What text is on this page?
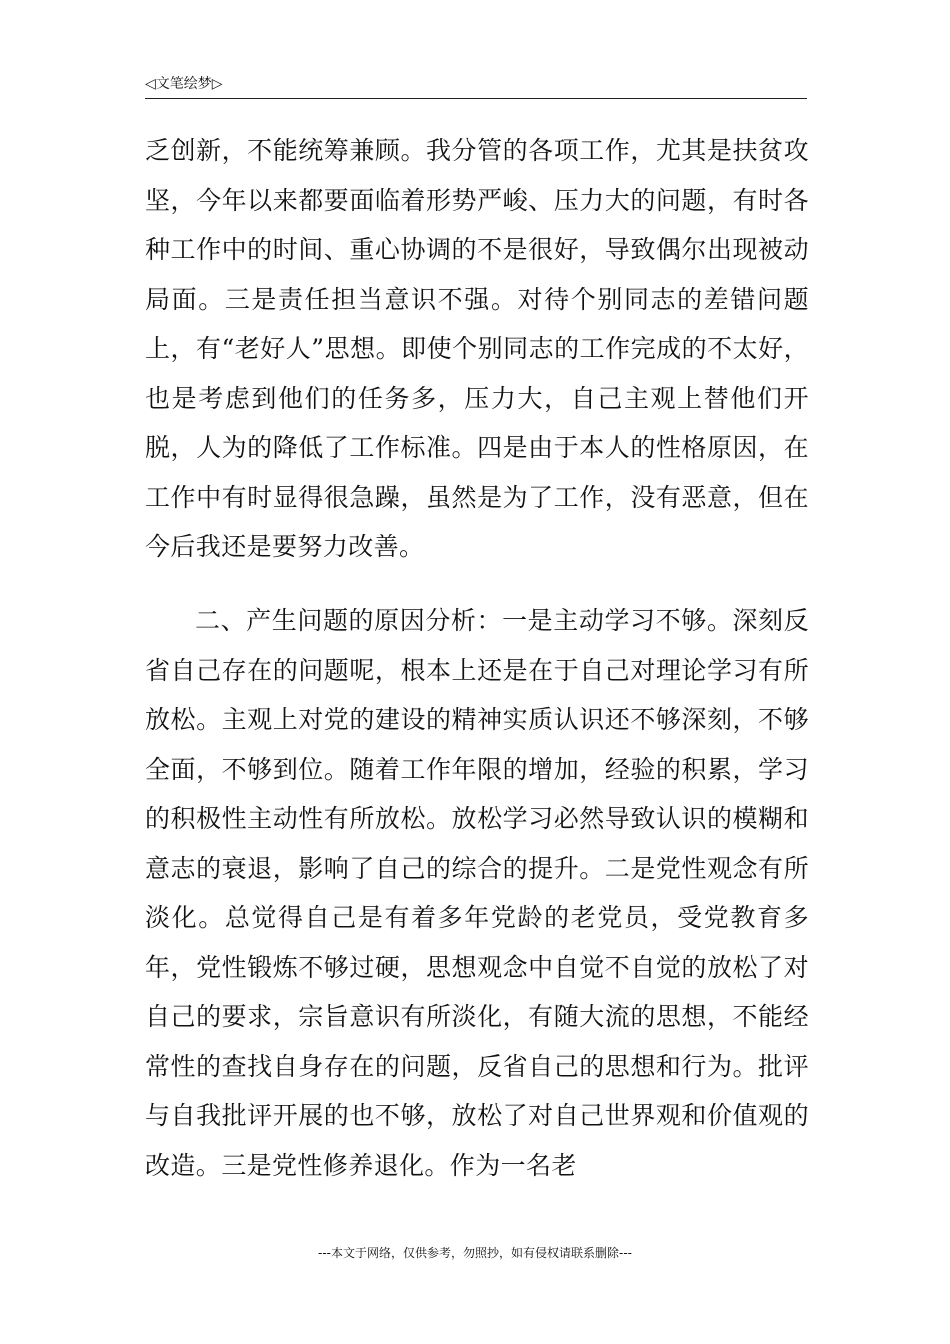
◁文笔绘梦▷

乏创新，不能统筹兼顾。我分管的各项工作，尤其是扶贫攻坚，今年以来都要面临着形势严峻、压力大的问题，有时各种工作中的时间、重心协调的不是很好，导致偶尔出现被动局面。三是责任担当意识不强。对待个别同志的差错问题上，有“老好人”思想。即使个别同志的工作完成的不太好，也是考虑到他们的任务多，压力大，自己主观上替他们开脱，人为的降低了工作标准。四是由于本人的性格原因，在工作中有时显得很急躁，虽然是为了工作，没有恶意，但在今后我还是要努力改善。

二、产生问题的原因分析：一是主动学习不够。深刻反省自己存在的问题呢，根本上还是在于自己对理论学习有所放松。主观上对党的建设的精神实质认识还不够深刻，不够全面，不够到位。随着工作年限的增加，经验的积累，学习的积极性主动性有所放松。放松学习必然导致认识的模糊和意志的衰退，影响了自己的综合的提升。二是党性观念有所淡化。总觉得自己是有着多年党龄的老党员，受党教育多年，党性锻炼不够过硬，思想观念中自觉不自觉的放松了对自己的要求，宗旨意识有所淡化，有随大流的思想，不能经常性的查找自身存在的问题，反省自己的思想和行为。批评与自我批评开展的也不够，放松了对自己世界观和价值观的改造。三是党性修养退化。作为一名老

---本文于网络，仅供参考，勿照抄，如有侵权请联系删除---
